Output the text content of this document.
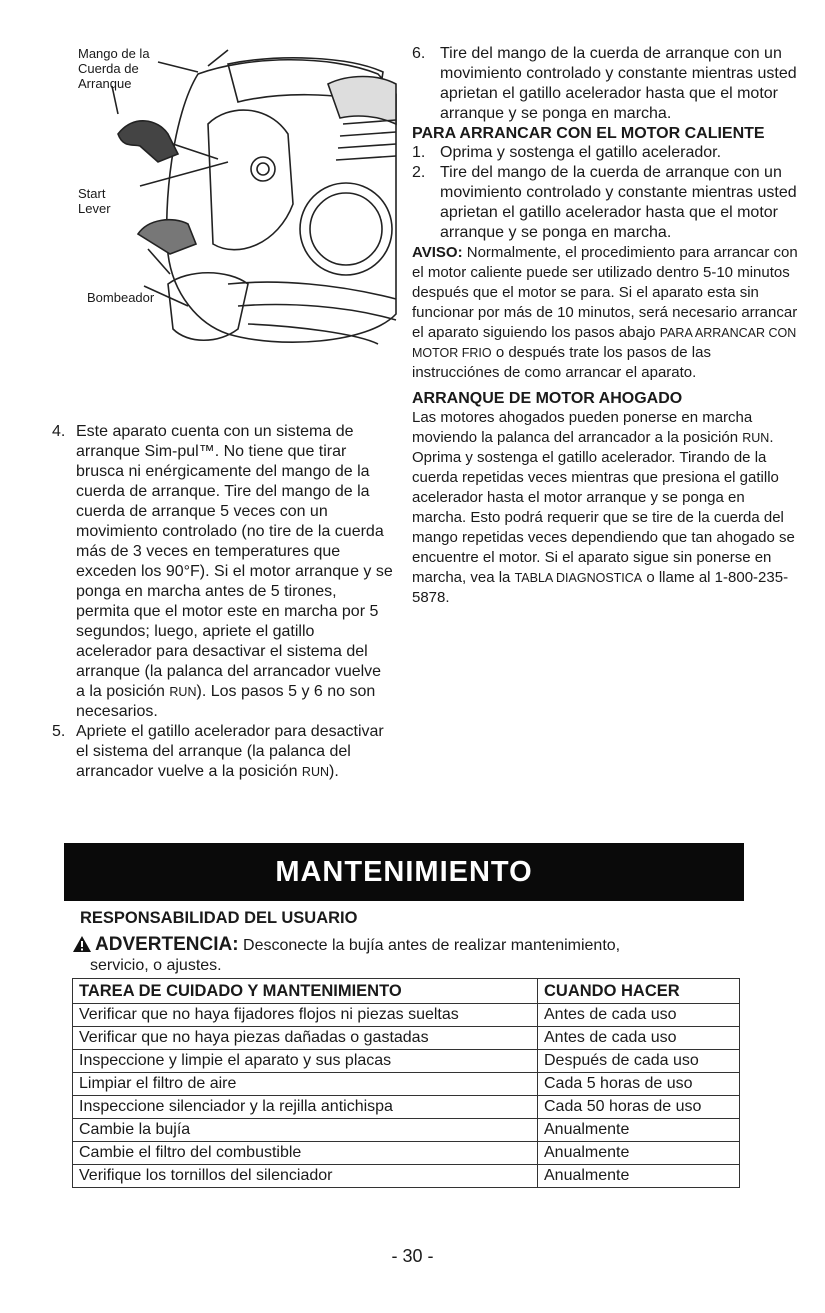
Mango de la Cuerda de Arranque
Start Lever
Bombeador

4. Este aparato cuenta con un sistema de arranque Sim-pul™. No tiene que tirar brusca ni enérgicamente del mango de la cuerda de arranque. Tire del mango de la cuerda de arranque 5 veces con un movimiento controlado (no tire de la cuerda más de 3 veces en temperatures que exceden los 90°F). Si el motor arranque y se ponga en marcha antes de 5 tirones, permita que el motor este en marcha por 5 segundos; luego, apriete el gatillo acelerador para desactivar el sistema del arranque (la palanca del arrancador vuelve a la posición RUN). Los pasos 5 y 6 no son necesarios.

5. Apriete el gatillo acelerador para desactivar el sistema del arranque (la palanca del arrancador vuelve a la posición RUN).

6. Tire del mango de la cuerda de arranque con un movimiento controlado y constante mientras usted aprietan el gatillo acelerador hasta que el motor arranque y se ponga en marcha.

PARA ARRANCAR CON EL MOTOR CALIENTE

1. Oprima y sostenga el gatillo acelerador.

2. Tire del mango de la cuerda de arranque con un movimiento controlado y constante mientras usted aprietan el gatillo acelerador hasta que el motor arranque y se ponga en marcha.

AVISO: Normalmente, el procedimiento para arrancar con el motor caliente puede ser utilizado dentro 5-10 minutos después que el motor se para. Si el aparato esta sin funcionar por más de 10 minutos, será necesario arrancar el aparato siguiendo los pasos abajo PARA ARRANCAR CON MOTOR FRIO o después trate los pasos de las instrucciónes de como arrancar el aparato.

ARRANQUE DE MOTOR AHOGADO

Las motores ahogados pueden ponerse en marcha moviendo la palanca del arrancador a la posición RUN. Oprima y sostenga el gatillo acelerador. Tirando de la cuerda repetidas veces mientras que presiona el gatillo acelerador hasta el motor arranque y se ponga en marcha. Esto podrá requerir que se tire de la cuerda del mango repetidas veces dependiendo que tan ahogado se encuentre el motor. Si el aparato sigue sin ponerse en marcha, vea la TABLA DIAGNOSTICA o llame al 1-800-235-5878.

MANTENIMIENTO
RESPONSABILIDAD DEL USUARIO
ADVERTENCIA: Desconecte la bujía antes de realizar mantenimiento,
servicio, o ajustes.
TAREA DE CUIDADO Y MANTENIMIENTO	CUANDO HACER
Verificar que no haya fijadores flojos ni piezas sueltas	Antes de cada uso
Verificar que no haya piezas dañadas o gastadas	Antes de cada uso
Inspeccione y limpie el aparato y sus placas	Después de cada uso
Limpiar el filtro de aire	Cada 5 horas de uso
Inspeccione silenciador y la rejilla antichispa	Cada 50 horas de uso
Cambie la bujía	Anualmente
Cambie el filtro del combustible	Anualmente
Verifique los tornillos del silenciador	Anualmente
- 30 -
